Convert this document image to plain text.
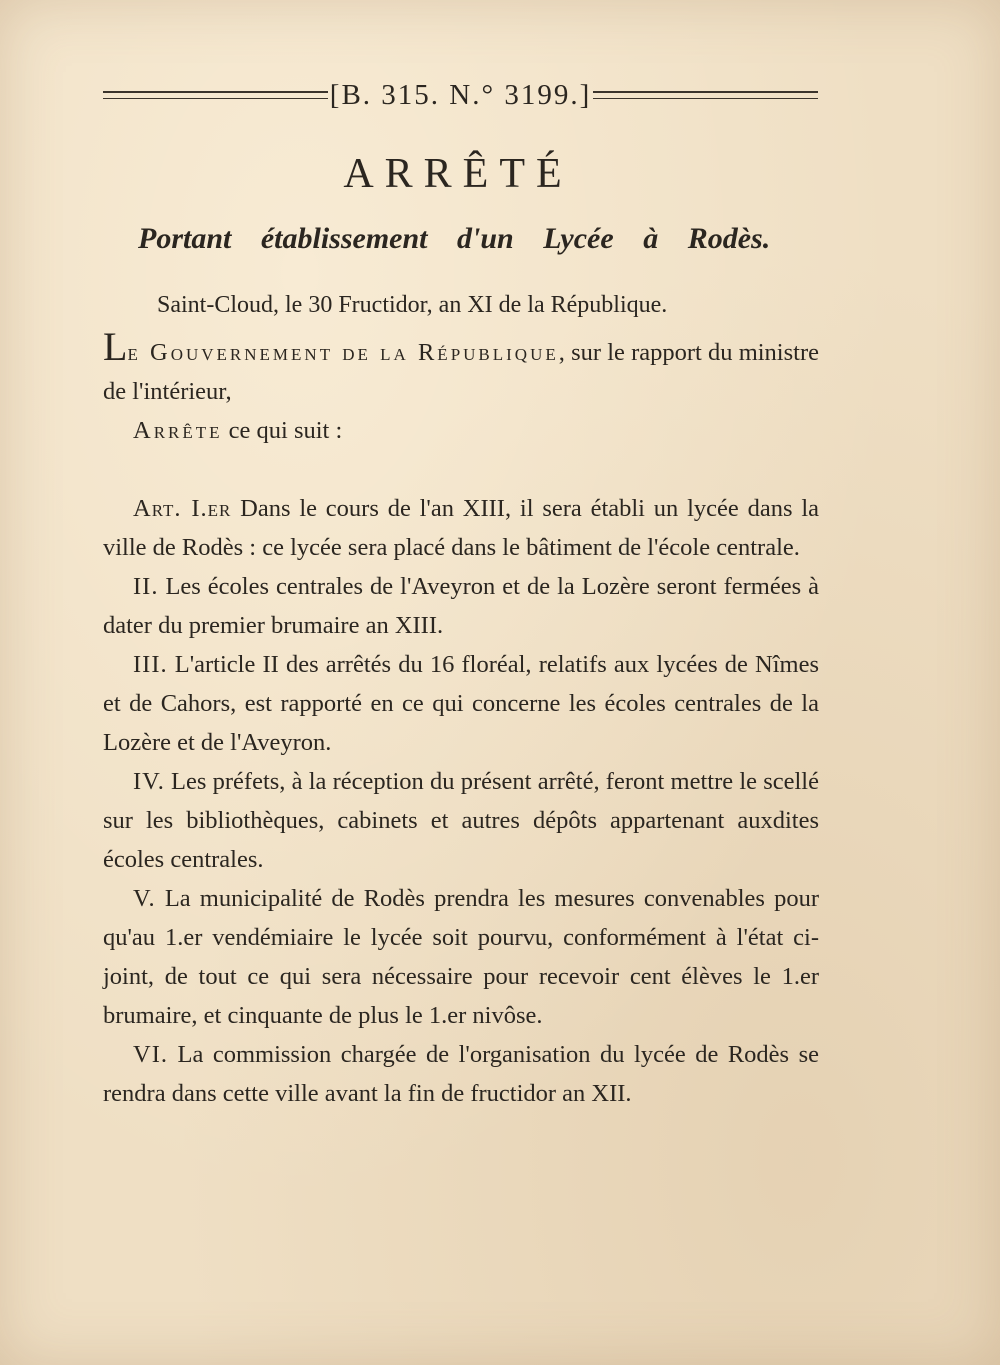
[B. 315. N.° 3199.]
ARRÊTÉ
Portant établissement d'un Lycée à Rodès.

Saint-Cloud, le 30 Fructidor, an XI de la République.

Le Gouvernement de la République, sur le rapport du ministre de l'intérieur,

Arrête ce qui suit :

Art. I.er Dans le cours de l'an XIII, il sera établi un lycée dans la ville de Rodès : ce lycée sera placé dans le bâtiment de l'école centrale.

II. Les écoles centrales de l'Aveyron et de la Lozère seront fermées à dater du premier brumaire an XIII.

III. L'article II des arrêtés du 16 floréal, relatifs aux lycées de Nîmes et de Cahors, est rapporté en ce qui concerne les écoles centrales de la Lozère et de l'Aveyron.

IV. Les préfets, à la réception du présent arrêté, feront mettre le scellé sur les bibliothèques, cabinets et autres dépôts appartenant auxdites écoles centrales.

V. La municipalité de Rodès prendra les mesures convenables pour qu'au 1.er vendémiaire le lycée soit pourvu, conformément à l'état ci-joint, de tout ce qui sera nécessaire pour recevoir cent élèves le 1.er brumaire, et cinquante de plus le 1.er nivôse.

VI. La commission chargée de l'organisation du lycée de Rodès se rendra dans cette ville avant la fin de fructidor an XII.
